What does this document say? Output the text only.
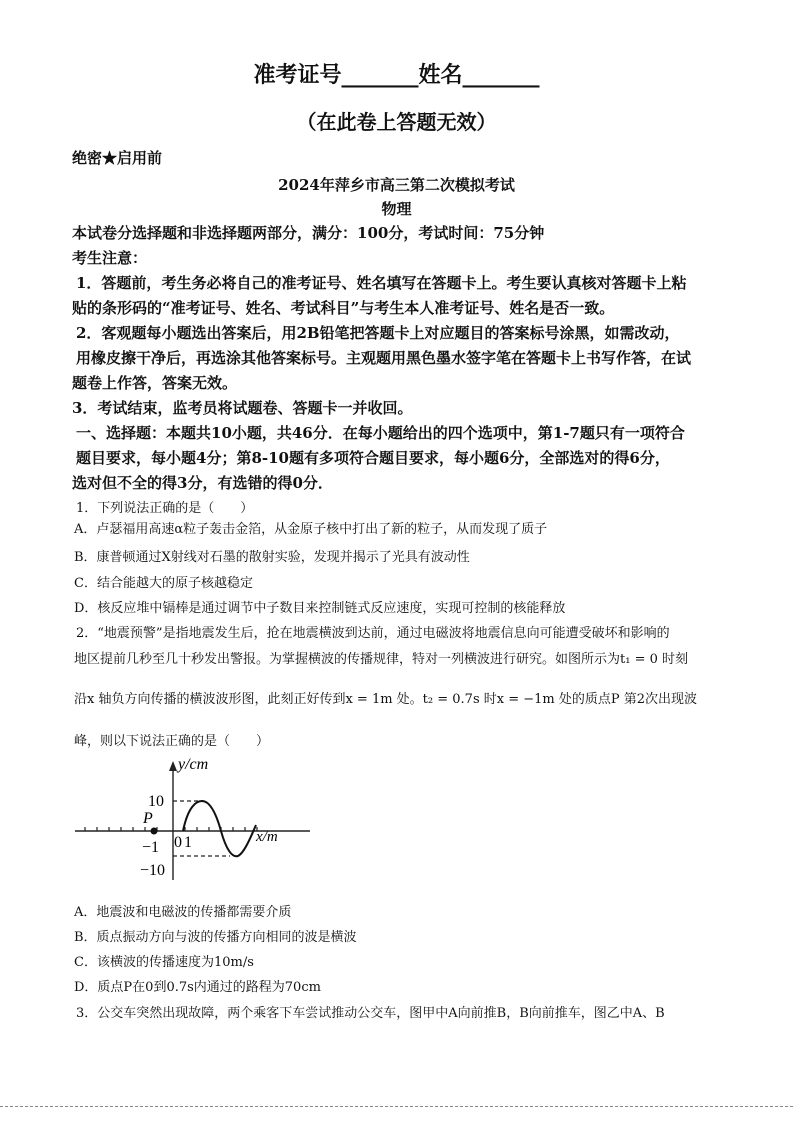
准考证号_______姓名_______
（在此卷上答题无效）
绝密★启用前
2024年萍乡市高三第二次模拟考试
物理
本试卷分选择题和非选择题两部分，满分：100分，考试时间：75分钟
考生注意：
1．答题前，考生务必将自己的准考证号、姓名填写在答题卡上。考生要认真核对答题卡上粘
贴的条形码的“准考证号、姓名、考试科目”与考生本人准考证号、姓名是否一致。
2．客观题每小题选出答案后，用2B铅笔把答题卡上对应题目的答案标号涂黑，如需改动，
用橡皮擦干净后，再选涂其他答案标号。主观题用黑色墨水签字笔在答题卡上书写作答，在试
题卷上作答，答案无效。
3．考试结束，监考员将试题卷、答题卡一并收回。
一、选择题：本题共10小题，共46分．在每小题给出的四个选项中，第1-7题只有一项符合
题目要求，每小题4分；第8-10题有多项符合题目要求，每小题6分，全部选对的得6分，
选对但不全的得3分，有选错的得0分．
1．下列说法正确的是（　　）
A．卢瑟福用高速α粒子轰击金箔，从金原子核中打出了新的粒子，从而发现了质子
B．康普顿通过X射线对石墨的散射实验，发现并揭示了光具有波动性
C．结合能越大的原子核越稳定
D．核反应堆中镉棒是通过调节中子数目来控制链式反应速度，实现可控制的核能释放
2．“地震预警”是指地震发生后，抢在地震横波到达前，通过电磁波将地震信息向可能遭受破坏和影响的
地区提前几秒至几十秒发出警报。为掌握横波的传播规律，特对一列横波进行研究。如图所示为t₁ = 0 时刻
沿x 轴负方向传播的横波波形图，此刻正好传到x = 1m 处。t₂ = 0.7s 时x = −1m 处的质点P 第2次出现波
峰，则以下说法正确的是（　　）
y/cm
x/m
P
10
−10
−1 0 1
A．地震波和电磁波的传播都需要介质
B．质点振动方向与波的传播方向相同的波是横波
C．该横波的传播速度为10m/s
D．质点P在0到0.7s内通过的路程为70cm
3．公交车突然出现故障，两个乘客下车尝试推动公交车，图甲中A向前推B，B向前推车，图乙中A、B
